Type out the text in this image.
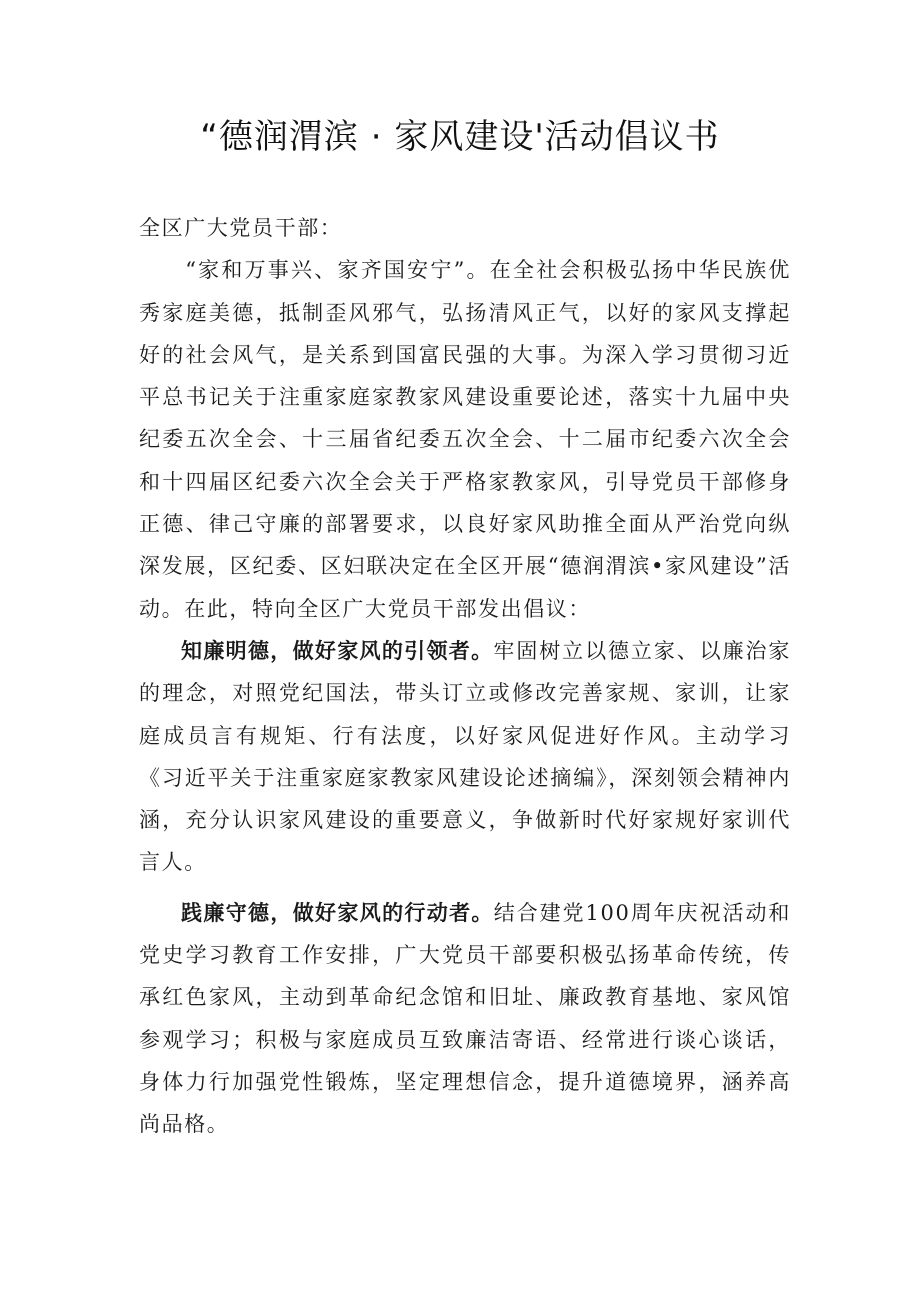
“德润渭滨 · 家风建设'活动倡议书

全区广大党员干部：

“家和万事兴、家齐国安宁”。在全社会积极弘扬中华民族优秀家庭美德，抵制歪风邪气，弘扬清风正气，以好的家风支撑起好的社会风气，是关系到国富民强的大事。为深入学习贯彻习近平总书记关于注重家庭家教家风建设重要论述，落实十九届中央纪委五次全会、十三届省纪委五次全会、十二届市纪委六次全会和十四届区纪委六次全会关于严格家教家风，引导党员干部修身正德、律己守廉的部署要求，以良好家风助推全面从严治党向纵深发展，区纪委、区妇联决定在全区开展“德润渭滨•家风建设”活动。在此，特向全区广大党员干部发出倡议：

知廉明德，做好家风的引领者。牢固树立以德立家、以廉治家的理念，对照党纪国法，带头订立或修改完善家规、家训，让家庭成员言有规矩、行有法度，以好家风促进好作风。主动学习《习近平关于注重家庭家教家风建设论述摘编》，深刻领会精神内涵，充分认识家风建设的重要意义，争做新时代好家规好家训代言人。

践廉守德，做好家风的行动者。结合建党100周年庆祝活动和党史学习教育工作安排，广大党员干部要积极弘扬革命传统，传承红色家风，主动到革命纪念馆和旧址、廉政教育基地、家风馆参观学习；积极与家庭成员互致廉洁寄语、经常进行谈心谈话，身体力行加强党性锻炼，坚定理想信念，提升道德境界，涵养高尚品格。
